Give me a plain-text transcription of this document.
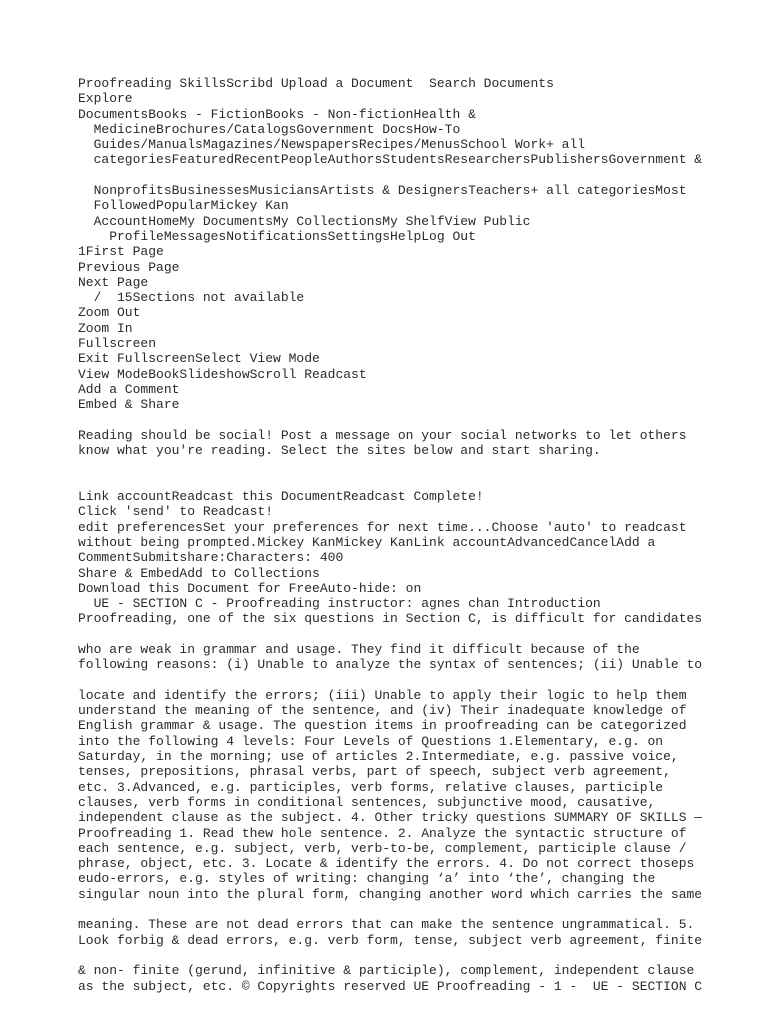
Proofreading SkillsScribd Upload a Document  Search Documents
Explore
DocumentsBooks - FictionBooks - Non-fictionHealth &
MedicineBrochures/CatalogsGovernment DocsHow-To
Guides/ManualsMagazines/NewspapersRecipes/MenusSchool Work+ all
categoriesFeaturedRecentPeopleAuthorsStudentsResearchersPublishersGovernment &
NonprofitsBusinessesMusiciansArtists & DesignersTeachers+ all categoriesMost
FollowedPopularMickey Kan
AccountHomeMy DocumentsMy CollectionsMy ShelfView Public
ProfileMessagesNotificationsSettingsHelpLog Out
1First Page
Previous Page
Next Page
/  15Sections not available
Zoom Out
Zoom In
Fullscreen
Exit FullscreenSelect View Mode
View ModeBookSlideshowScroll Readcast
Add a Comment
Embed & Share
Reading should be social! Post a message on your social networks to let others
know what you're reading. Select the sites below and start sharing.
Link accountReadcast this DocumentReadcast Complete!
Click 'send' to Readcast!
edit preferencesSet your preferences for next time...Choose 'auto' to readcast
without being prompted.Mickey KanMickey KanLink accountAdvancedCancelAdd a
CommentSubmitshare:Characters: 400
Share & EmbedAdd to Collections
Download this Document for FreeAuto-hide: on
UE - SECTION C - Proofreading instructor: agnes chan Introduction
Proofreading, one of the six questions in Section C, is difficult for candidates
who are weak in grammar and usage. They find it difficult because of the
following reasons: (i) Unable to analyze the syntax of sentences; (ii) Unable to
locate and identify the errors; (iii) Unable to apply their logic to help them
understand the meaning of the sentence, and (iv) Their inadequate knowledge of
English grammar & usage. The question items in proofreading can be categorized
into the following 4 levels: Four Levels of Questions 1.Elementary, e.g. on
Saturday, in the morning; use of articles 2.Intermediate, e.g. passive voice,
tenses, prepositions, phrasal verbs, part of speech, subject verb agreement,
etc. 3.Advanced, e.g. participles, verb forms, relative clauses, participle
clauses, verb forms in conditional sentences, subjunctive mood, causative,
independent clause as the subject. 4. Other tricky questions SUMMARY OF SKILLS —
Proofreading 1. Read thew hole sentence. 2. Analyze the syntactic structure of
each sentence, e.g. subject, verb, verb-to-be, complement, participle clause /
phrase, object, etc. 3. Locate & identify the errors. 4. Do not correct thoseps
eudo-errors, e.g. styles of writing: changing ‘a’ into ‘the’, changing the
singular noun into the plural form, changing another word which carries the same
meaning. These are not dead errors that can make the sentence ungrammatical. 5.
Look forbig & dead errors, e.g. verb form, tense, subject verb agreement, finite
& non- finite (gerund, infinitive & participle), complement, independent clause
as the subject, etc. © Copyrights reserved UE Proofreading - 1 -  UE - SECTION C
